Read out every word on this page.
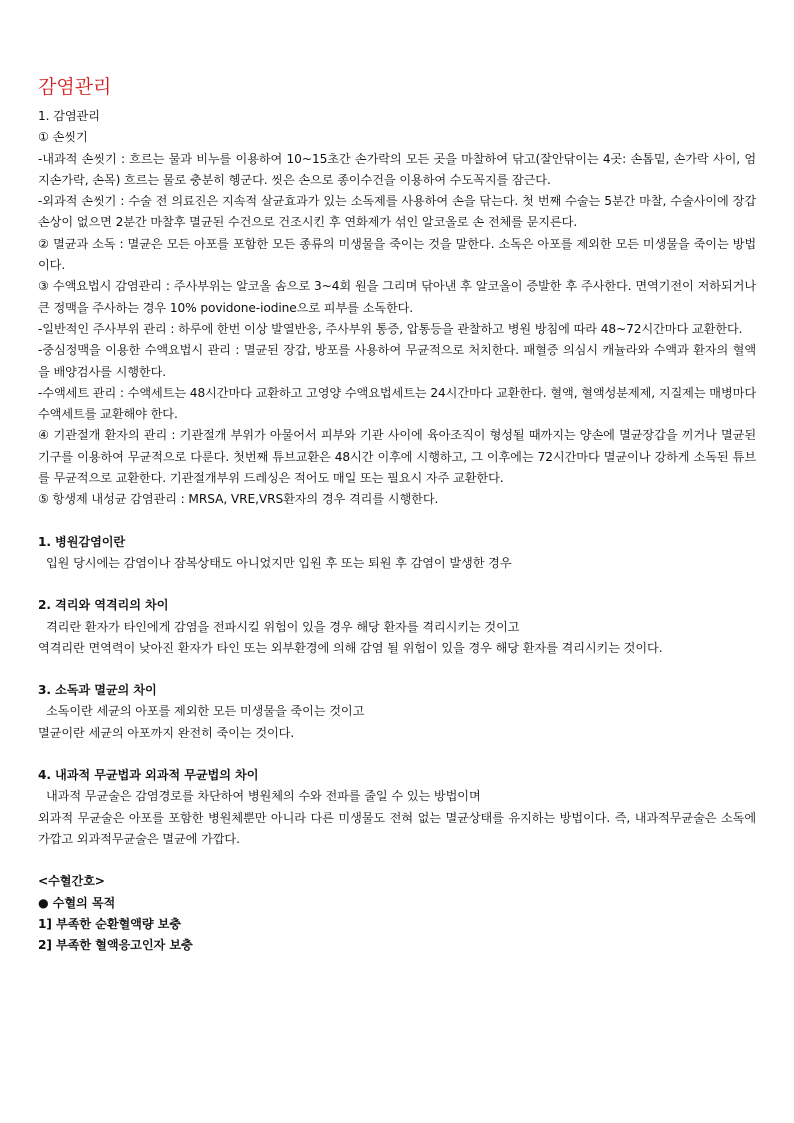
감염관리

1. 감염관리

① 손씻기

-내과적 손씻기 : 흐르는 물과 비누를 이용하여 10~15초간 손가락의 모든 곳을 마찰하여 닦고(잘안닦이는 4곳: 손톱밑, 손가락 사이, 엄지손가락, 손목) 흐르는 물로 충분히 헹군다. 씻은 손으로 종이수건을 이용하여 수도꼭지를 잠근다.

-외과적 손씻기 : 수술 전 의료진은 지속적 살균효과가 있는 소독제를 사용하여 손을 닦는다. 첫 번째 수술는 5분간 마찰, 수술사이에 장갑손상이 없으면 2분간 마찰후 멸균된 수건으로 건조시킨 후 연화제가 섞인 알코올로 손 전체를 문지른다.

② 멸균과 소독 : 멸균은 모든 아포를 포함한 모든 종류의 미생물을 죽이는 것을 말한다. 소독은 아포를 제외한 모든 미생물을 죽이는 방법이다.

③ 수액요법시 감염관리 : 주사부위는 알코올 솜으로 3~4회 원을 그리며 닦아낸 후 알코올이 증발한 후 주사한다. 면역기전이 저하되거나 큰 정맥을 주사하는 경우 10% povidone-iodine으로 피부를 소독한다.

-일반적인 주사부위 관리 : 하루에 한번 이상 발열반응, 주사부위 통증, 압통등을 관찰하고 병원 방침에 따라 48~72시간마다 교환한다.

-중심정맥을 이용한 수액요법시 관리 : 멸균된 장갑, 방포를 사용하여 무균적으로 처치한다. 패혈증 의심시 캐뉼라와 수액과 환자의 혈액을 배양검사를 시행한다.

-수액세트 관리 : 수액세트는 48시간마다 교환하고 고영양 수액요법세트는 24시간마다 교환한다. 혈액, 혈액성분제제, 지질제는 매병마다 수액세트를 교환해야 한다.

④ 기관절개 환자의 관리 : 기관절개 부위가 아물어서 피부와 기관 사이에 육아조직이 형성될 때까지는 양손에 멸균장갑을 끼거나 멸균된 기구를 이용하여 무균적으로 다룬다. 첫번째 튜브교환은 48시간 이후에 시행하고, 그 이후에는 72시간마다 멸균이나 강하게 소독된 튜브를 무균적으로 교환한다. 기관절개부위 드레싱은 적어도 매일 또는 필요시 자주 교환한다.

⑤ 항생제 내성균 감염관리 : MRSA, VRE,VRS환자의 경우 격리를 시행한다.

1. 병원감염이란

입원 당시에는 감염이나 잠복상태도 아니었지만 입원 후 또는 퇴원 후 감염이 발생한 경우

2. 격리와 역격리의 차이

격리란 환자가 타인에게 감염을 전파시킬 위험이 있을 경우 해당 환자를 격리시키는 것이고

역격리란 면역력이 낮아진 환자가 타인 또는 외부환경에 의해 감염 될 위험이 있을 경우 해당 환자를 격리시키는 것이다.

3. 소독과 멸균의 차이

소독이란 세균의 아포를 제외한 모든 미생물을 죽이는 것이고

멸균이란 세균의 아포까지 완전히 죽이는 것이다.

4. 내과적 무균법과 외과적 무균법의 차이

내과적 무균술은 감염경로를 차단하여 병원체의 수와 전파를 줄일 수 있는 방법이며

외과적 무균술은 아포를 포함한 병원체뿐만 아니라 다른 미생물도 전혀 없는 멸균상태를 유지하는 방법이다. 즉, 내과적무균술은 소독에 가깝고 외과적무균술은 멸균에 가깝다.

<수혈간호>

● 수혈의 목적

1] 부족한 순환혈액량 보충

2] 부족한 혈액응고인자 보충
